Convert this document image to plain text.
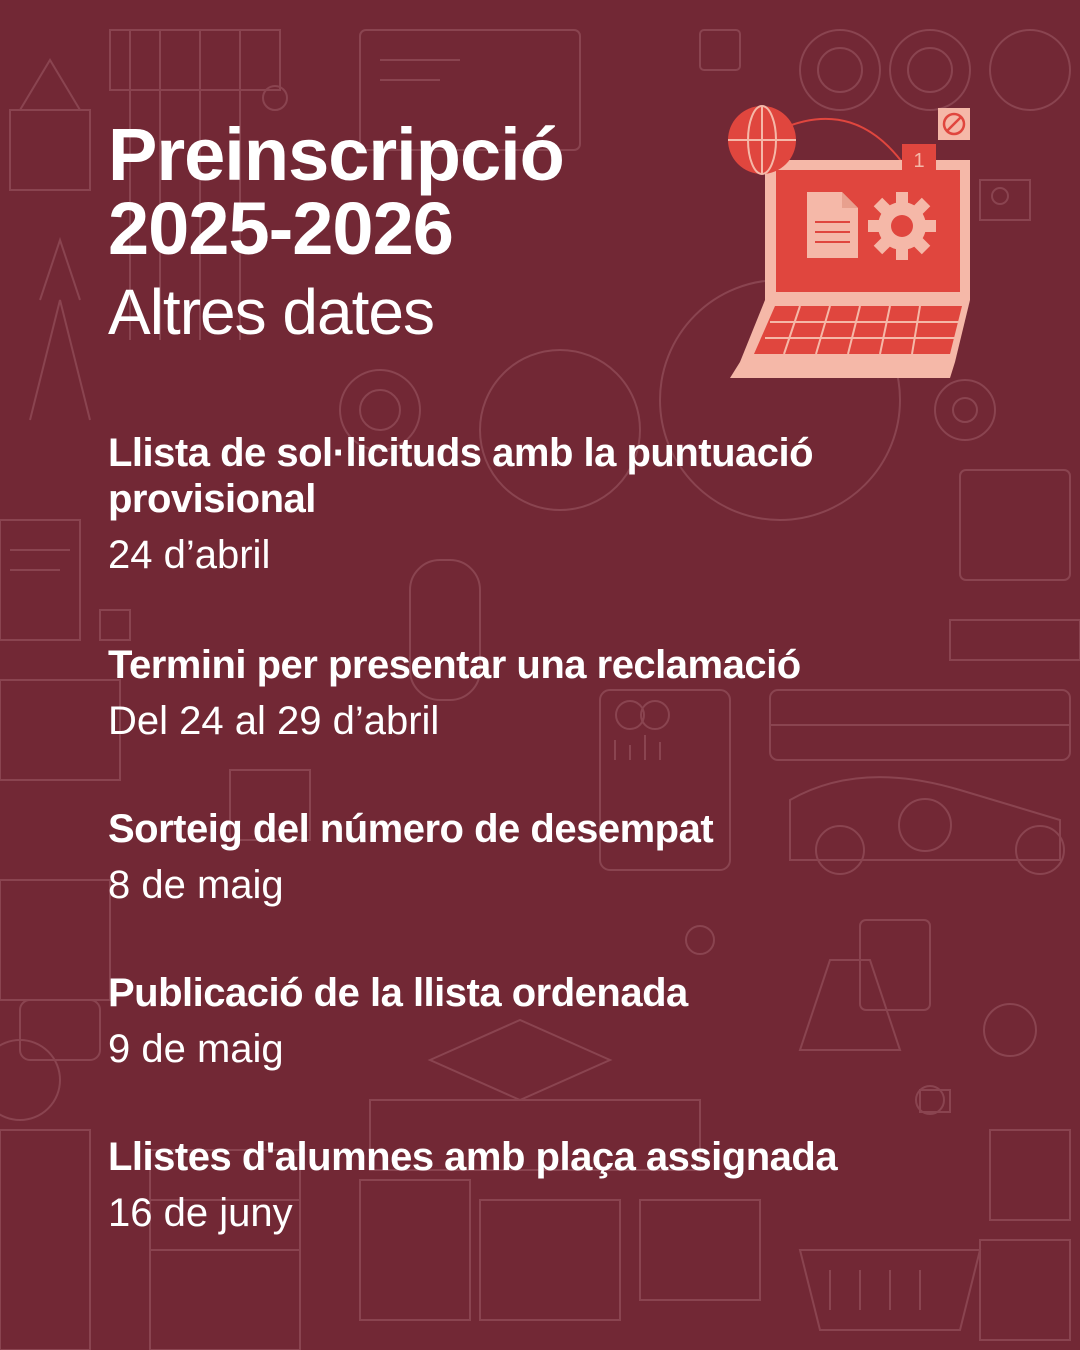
1
Preinscripció
2025-2026
Altres dates
Llista de sol·licituds amb la puntuació provisional
24 d’abril
Termini per presentar una reclamació
Del 24 al 29 d’abril
Sorteig del número de desempat
8 de maig
Publicació de la llista ordenada
9 de maig
Llistes d'alumnes amb plaça assignada
16 de juny
